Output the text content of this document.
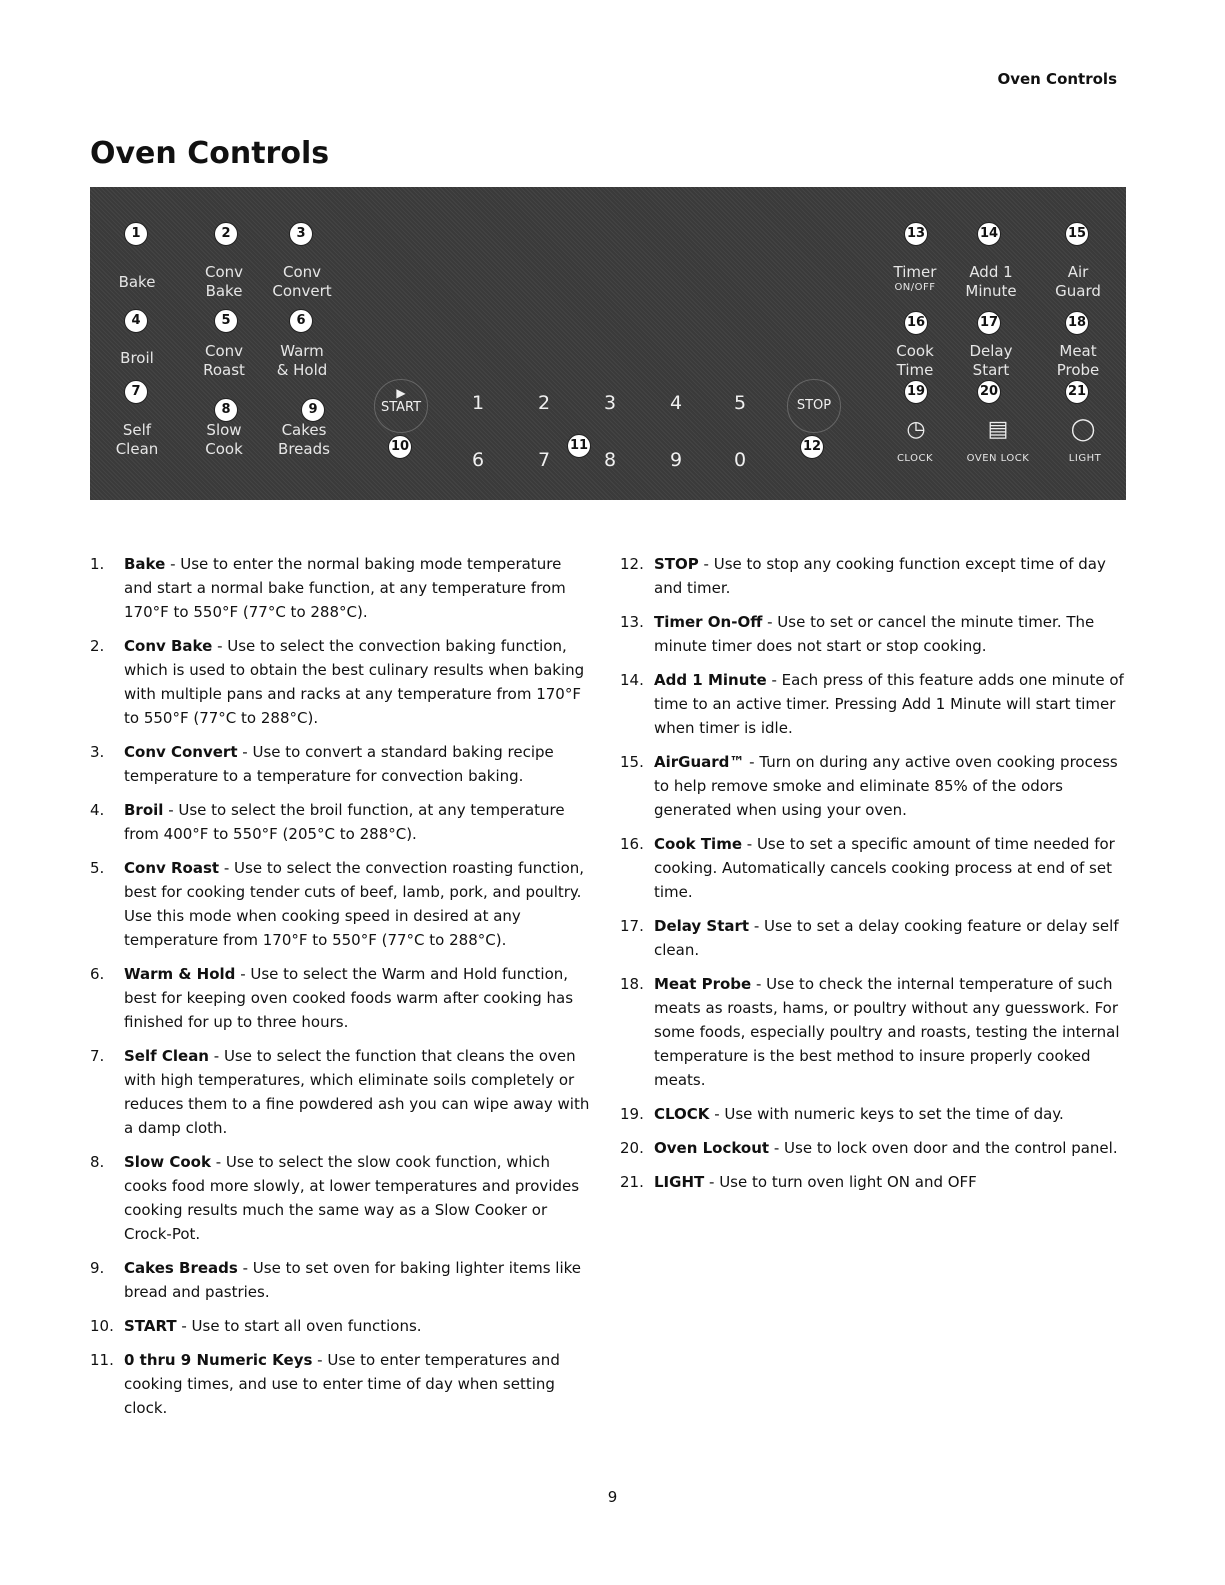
Oven Controls
Oven Controls
1	2	3
4	5	6
7
8	9
10	11	12
13	14	15
16	17	18
19	20	21
Bake
Conv
Bake
Conv
Convert
Broil	Conv
Roast
Warm
& Hold
Self
Clean
Slow
Cook
Cakes
Breads
▶
START	STOP
1	2	3	4	5
6	7	8	9	0
Timer
ON/OFF
Add 1
Minute
Air
Guard
Cook
Time
Delay
Start
Meat
Probe
◷	▤	◯
CLOCK	OVEN LOCK	LIGHT
1.	Bake - Use to enter the normal baking mode temperature and start a normal bake function, at any temperature from 170°F to 550°F (77°C to 288°C).
2.	Conv Bake - Use to select the convection baking function, which is used to obtain the best culinary results when baking with multiple pans and racks at any temperature from 170°F to 550°F (77°C to 288°C).
3.	Conv Convert - Use to convert a standard baking recipe temperature to a temperature for convection baking.
4.	Broil - Use to select the broil function, at any temperature from 400°F to 550°F (205°C to 288°C).
5.	Conv Roast - Use to select the convection roasting function, best for cooking tender cuts of beef, lamb, pork, and poultry. Use this mode when cooking speed in desired at any temperature from 170°F to 550°F (77°C to 288°C).
6.	Warm & Hold - Use to select the Warm and Hold function, best for keeping oven cooked foods warm after cooking has finished for up to three hours.
7.	Self Clean - Use to select the function that cleans the oven with high temperatures, which eliminate soils completely or reduces them to a fine powdered ash you can wipe away with a damp cloth.
8.	Slow Cook - Use to select the slow cook function, which cooks food more slowly, at lower temperatures and provides cooking results much the same way as a Slow Cooker or Crock-Pot.
9.	Cakes Breads - Use to set oven for baking lighter items like bread and pastries.
10. START - Use to start all oven functions.
11. 0 thru 9 Numeric Keys - Use to enter temperatures and cooking times, and use to enter time of day when setting clock.
12. STOP - Use to stop any cooking function except time of day and timer.
13. Timer On-Off - Use to set or cancel the minute timer. The minute timer does not start or stop cooking.
14. Add 1 Minute - Each press of this feature adds one minute of time to an active timer. Pressing Add 1 Minute will start timer when timer is idle.
15. AirGuard™ - Turn on during any active oven cooking process to help remove smoke and eliminate 85% of the odors generated when using your oven.
16. Cook Time - Use to set a specific amount of time needed for cooking. Automatically cancels cooking process at end of set time.
17. Delay Start - Use to set a delay cooking feature or delay self clean.
18. Meat Probe - Use to check the internal temperature of such meats as roasts, hams, or poultry without any guesswork. For some foods, especially poultry and roasts, testing the internal temperature is the best method to insure properly cooked meats.
19. CLOCK - Use with numeric keys to set the time of day.
20. Oven Lockout - Use to lock oven door and the control panel.
21. LIGHT - Use to turn oven light ON and OFF
9
